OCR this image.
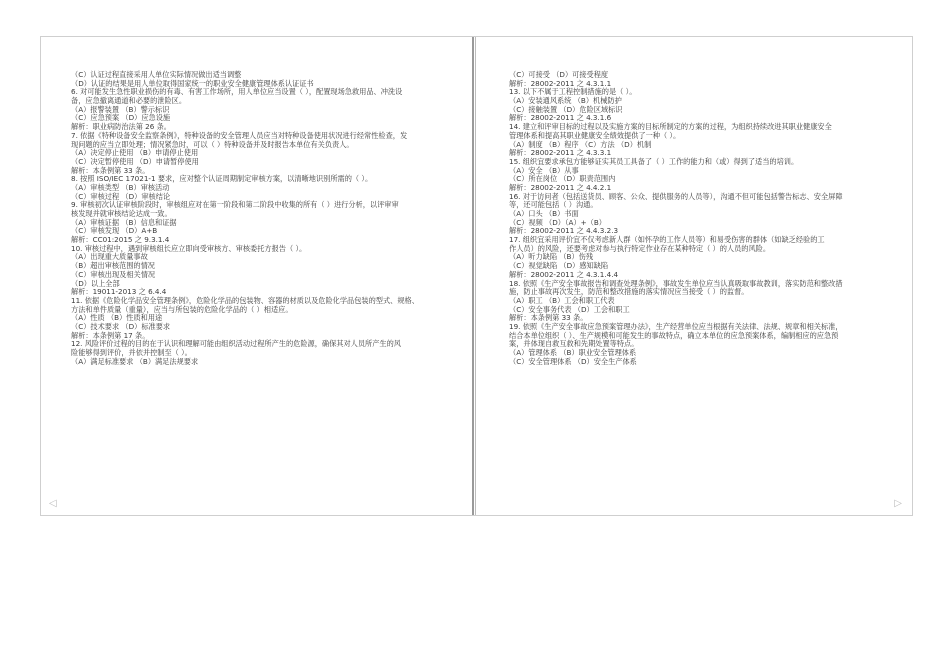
（C）认证过程直接采用人单位实际情况做出适当调整
（D）认证的结果是用人单位取得国家统一的职业安全健康管理体系认证证书
6. 对可能发生急性职业损伤的有毒、有害工作场所，用人单位应当设置（ ），配置现场急救用品、冲洗设
备，应急撤离通道和必要的泄险区。
（A）报警装置 （B）警示标识
（C）应急预案 （D）应急设施
解析：职业病防治法第 26 条。
7. 依据《特种设备安全监察条例》，特种设备的安全管理人员应当对特种设备使用状况进行经常性检查，发
现问题的应当立即处理；情况紧急时，可以（ ）特种设备并及时报告本单位有关负责人。
（A）决定停止使用 （B）申请停止使用
（C）决定暂停使用 （D）申请暂停使用
解析：本条例第 33 条。
8. 按照 ISO/IEC 17021-1 要求，应对整个认证周期制定审核方案，以清晰地识别所需的（ ）。
（A）审核类型 （B）审核活动
（C）审核过程 （D）审核结论
9. 审核初次认证审核阶段时，审核组应对在第一阶段和第二阶段中收集的所有（ ）进行分析，以评审审
核发现并就审核结论达成一致。
（A）审核证据 （B）信息和证据
（C）审核发现 （D）A+B
解析：CC01:2015 之 9.3.1.4
10. 审核过程中，遇到审核组长应立即向受审核方、审核委托方报告（ ）。
（A）出现重大质量事故
（B）超出审核范围的情况
（C）审核出现及相关情况
（D）以上全部
解析：19011-2013 之 6.4.4
11. 依据《危险化学品安全管理条例》，危险化学品的包装物、容器的材质以及危险化学品包装的型式、规格、
方法和单件质量（重量），应当与所包装的危险化学品的（ ）相适应。
（A）性质 （B）性质和用途
（C）技术要求 （D）标准要求
解析：本条例第 17 条。
12. 风险评价过程的目的在于认识和理解可能由组织活动过程所产生的危险源，确保其对人员所产生的风
险能够得到评价，并依并控制至（ ）。
（A）满足标准要求 （B）满足法规要求
（C）可接受 （D）可接受程度
解析：28002-2011 之 4.3.1.1
13. 以下不属于工程控制措施的是（ ）。
（A）安装通风系统 （B）机械防护
（C）接触装置 （D）危险区域标识
解析：28002-2011 之 4.3.1.6
14. 建立和评审目标的过程以及实施方案的目标所制定的方案的过程，为组织持续改进其职业健康安全
管理体系和提高其职业健康安全绩效提供了一种（ ）。
（A）制度 （B）程序 （C）方法 （D）机制
解析：28002-2011 之 4.3.3.1
15. 组织宜要求承包方能够证实其员工具备了（ ）工作的能力和（或）得到了适当的培训。
（A）安全 （B）从事
（C）所在岗位 （D）职责范围内
解析：28002-2011 之 4.4.2.1
16. 对于访问者（包括送货员、顾客、公众、提供服务的人员等），沟通不但可能包括警告标志、安全屏障
等，还可能包括（ ）沟通。
（A）口头 （B）书面
（C）视频 （D）（A）+（B）
解析：28002-2011 之 4.4.3.2.3
17. 组织宜采用评价宜不仅考虑新人群（如怀孕的工作人员等）和易受伤害的群体（如缺乏经验的工
作人员）的风险，还要考虑对参与执行特定作业存在某种特定（ ）的人员的风险。
（A）听力缺陷 （B）伤残
（C）视觉缺陷 （D）感知缺陷
解析：28002-2011 之 4.3.1.4.4
18. 依照《生产安全事故报告和调查处理条例》，事故发生单位应当认真吸取事故教训，落实防范和整改措
施，防止事故再次发生，防范和整改措施的落实情况应当接受（ ）的监督。
（A）职工 （B）工会和职工代表
（C）安全事务代表 （D）工会和职工
解析：本条例第 33 条。
19. 依照《生产安全事故应急预案管理办法》，生产经营单位应当根据有关法律、法规、规章和相关标准，
结合本单位组织（ ）、生产规模和可能发生的事故特点，确立本单位的应急预案体系，编制相应的应急预
案，并体现自救互救和先期处置等特点。
（A）管理体系 （B）职业安全管理体系
（C）安全管理体系 （D）安全生产体系
◁	▷
